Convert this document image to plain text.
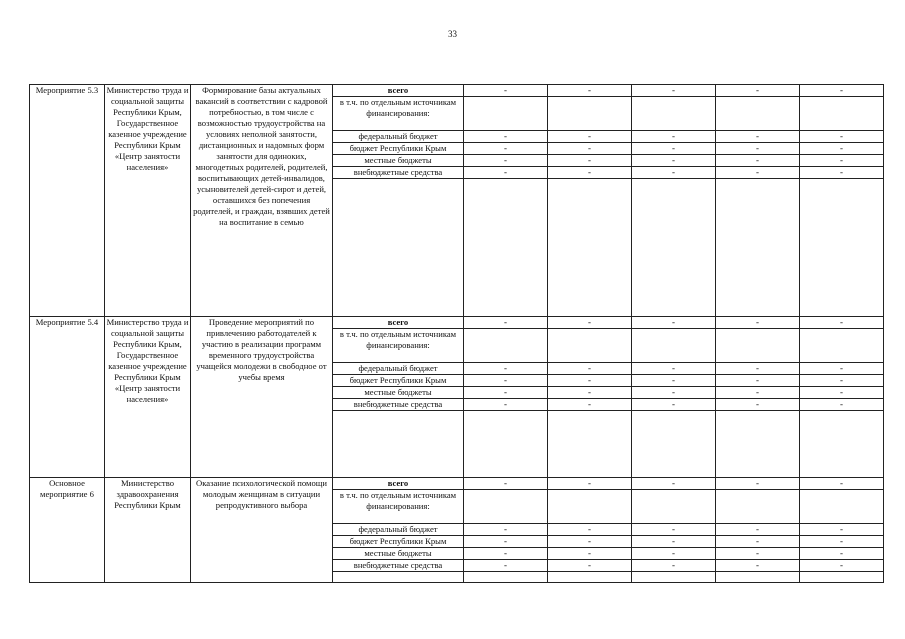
33
Мероприятие 5.3	Министерство труда и социальной защиты Республики Крым, Государственное казенное учреждение Республики Крым «Центр занятости населения»	Формирование базы актуальных вакансий в соответствии с кадровой потребностью, в том числе с возможностью трудоустройства на условиях неполной занятости, дистанционных и надомных форм занятости для одиноких, многодетных родителей, родителей, воспитывающих детей-инвалидов, усыновителей детей-сирот и детей, оставшихся без попечения родителей, и граждан, взявших детей на воспитание в семью	всего	-	-	-	-	-
			в т.ч. по отдельным источникам финансирования:					
			федеральный бюджет	-	-	-	-	-
			бюджет Республики Крым	-	-	-	-	-
			местные бюджеты	-	-	-	-	-
			внебюджетные средства	-	-	-	-	-

Мероприятие 5.4	Министерство труда и социальной защиты Республики Крым, Государственное казенное учреждение Республики Крым «Центр занятости населения»	Проведение мероприятий по привлечению работодателей к участию в реализации программ временного трудоустройства учащейся молодежи в свободное от учебы время	всего	-	-	-	-	-
			в т.ч. по отдельным источникам финансирования:					
			федеральный бюджет	-	-	-	-	-
			бюджет Республики Крым	-	-	-	-	-
			местные бюджеты	-	-	-	-	-
			внебюджетные средства	-	-	-	-	-

Основное мероприятие 6	Министерство здравоохранения Республики Крым	Оказание психологической помощи молодым женщинам в ситуации репродуктивного выбора	всего	-	-	-	-	-
			в т.ч. по отдельным источникам финансирования:					
			федеральный бюджет	-	-	-	-	-
			бюджет Республики Крым	-	-	-	-	-
			местные бюджеты	-	-	-	-	-
			внебюджетные средства	-	-	-	-	-
